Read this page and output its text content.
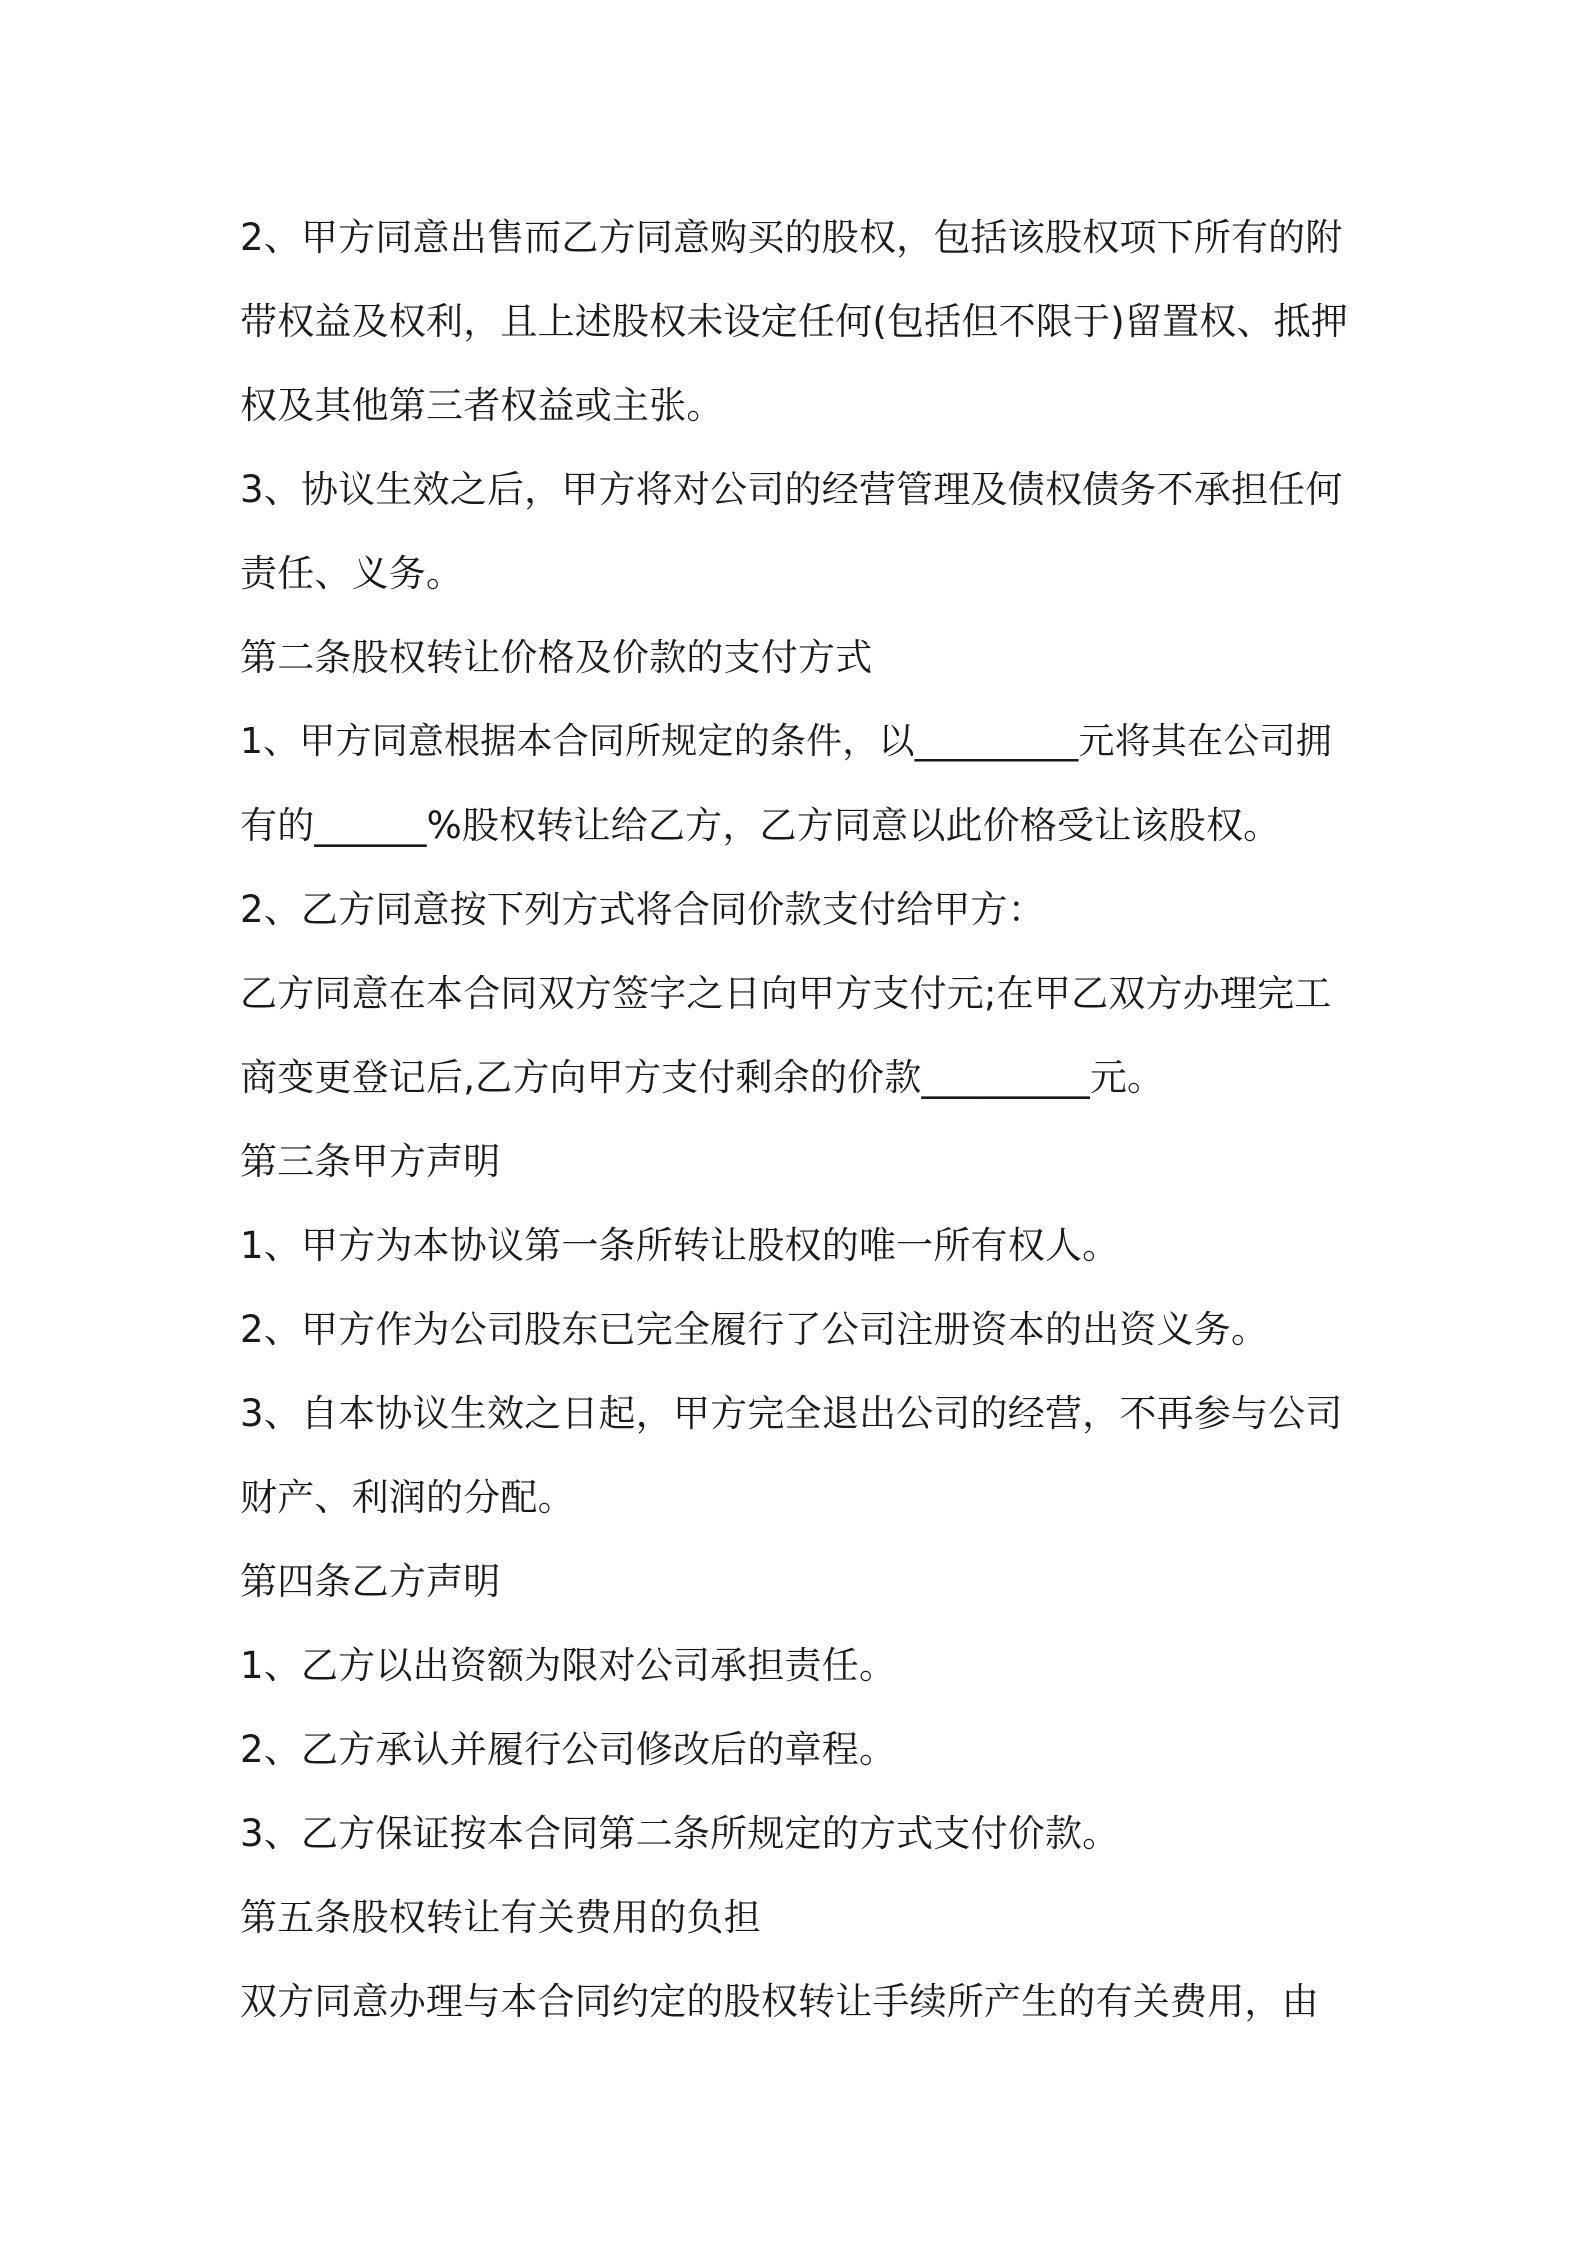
2、甲方同意出售而乙方同意购买的股权，包括该股权项下所有的附
带权益及权利，且上述股权未设定任何(包括但不限于)留置权、抵押
权及其他第三者权益或主张。
3、协议生效之后，甲方将对公司的经营管理及债权债务不承担任何
责任、义务。
第二条股权转让价格及价款的支付方式
1、甲方同意根据本合同所规定的条件，以_________元将其在公司拥
有的______%股权转让给乙方，乙方同意以此价格受让该股权。
2、乙方同意按下列方式将合同价款支付给甲方：
乙方同意在本合同双方签字之日向甲方支付元;在甲乙双方办理完工
商变更登记后,乙方向甲方支付剩余的价款_________元。
第三条甲方声明
1、甲方为本协议第一条所转让股权的唯一所有权人。
2、甲方作为公司股东已完全履行了公司注册资本的出资义务。
3、自本协议生效之日起，甲方完全退出公司的经营，不再参与公司
财产、利润的分配。
第四条乙方声明
1、乙方以出资额为限对公司承担责任。
2、乙方承认并履行公司修改后的章程。
3、乙方保证按本合同第二条所规定的方式支付价款。
第五条股权转让有关费用的负担
双方同意办理与本合同约定的股权转让手续所产生的有关费用，由
